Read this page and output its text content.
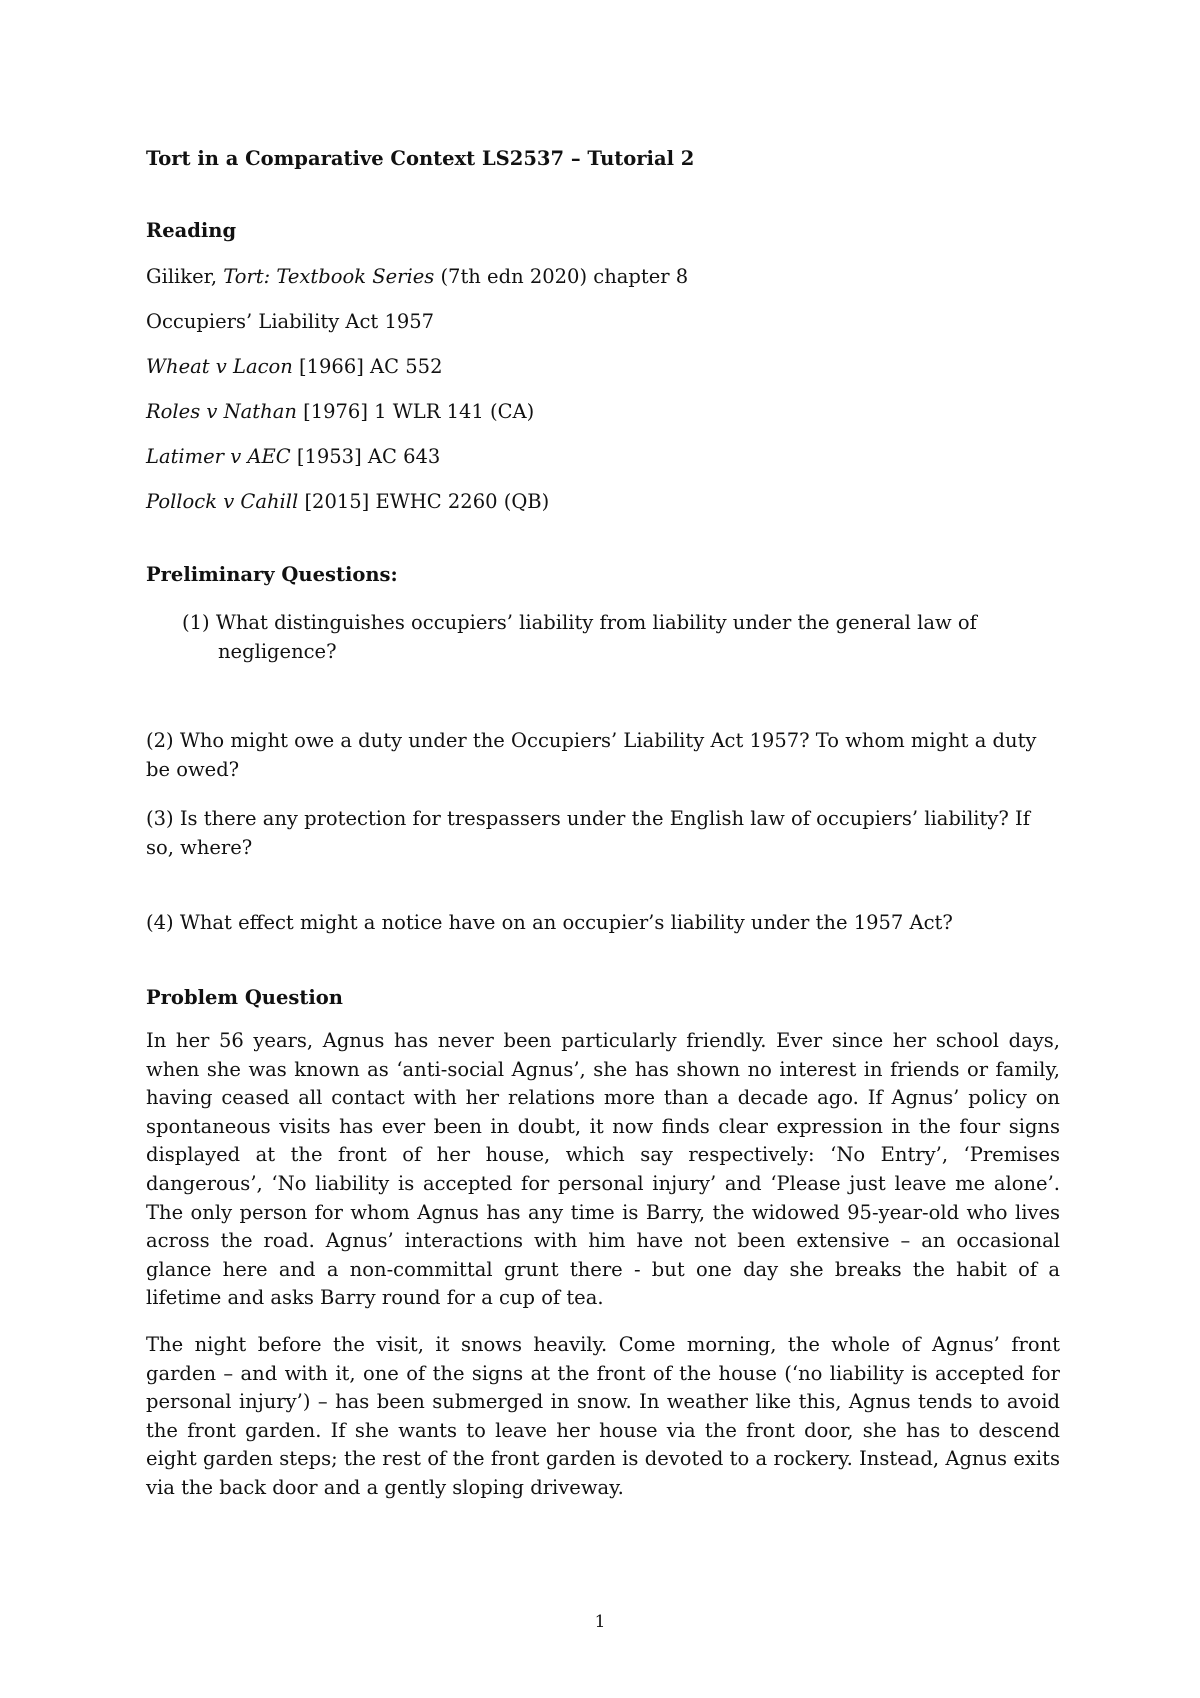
Tort in a Comparative Context LS2537 – Tutorial 2

Reading

Giliker, Tort: Textbook Series (7th edn 2020) chapter 8

Occupiers’ Liability Act 1957

Wheat v Lacon [1966] AC 552

Roles v Nathan [1976] 1 WLR 141 (CA)

Latimer v AEC [1953] AC 643

Pollock v Cahill [2015] EWHC 2260 (QB)

Preliminary Questions:

(1) What distinguishes occupiers’ liability from liability under the general law of negligence?

(2) Who might owe a duty under the Occupiers’ Liability Act 1957? To whom might a duty be owed?

(3) Is there any protection for trespassers under the English law of occupiers’ liability? If so, where?

(4) What effect might a notice have on an occupier’s liability under the 1957 Act?

Problem Question

In her 56 years, Agnus has never been particularly friendly. Ever since her school days, when she was known as ‘anti-social Agnus’, she has shown no interest in friends or family, having ceased all contact with her relations more than a decade ago. If Agnus’ policy on spontaneous visits has ever been in doubt, it now finds clear expression in the four signs displayed at the front of her house, which say respectively: ‘No Entry’, ‘Premises dangerous’, ‘No liability is accepted for personal injury’ and ‘Please just leave me alone’. The only person for whom Agnus has any time is Barry, the widowed 95-year-old who lives across the road. Agnus’ interactions with him have not been extensive – an occasional glance here and a non-committal grunt there - but one day she breaks the habit of a lifetime and asks Barry round for a cup of tea.

The night before the visit, it snows heavily. Come morning, the whole of Agnus’ front garden – and with it, one of the signs at the front of the house (‘no liability is accepted for personal injury’) – has been submerged in snow. In weather like this, Agnus tends to avoid the front garden. If she wants to leave her house via the front door, she has to descend eight garden steps; the rest of the front garden is devoted to a rockery. Instead, Agnus exits via the back door and a gently sloping driveway.

1
